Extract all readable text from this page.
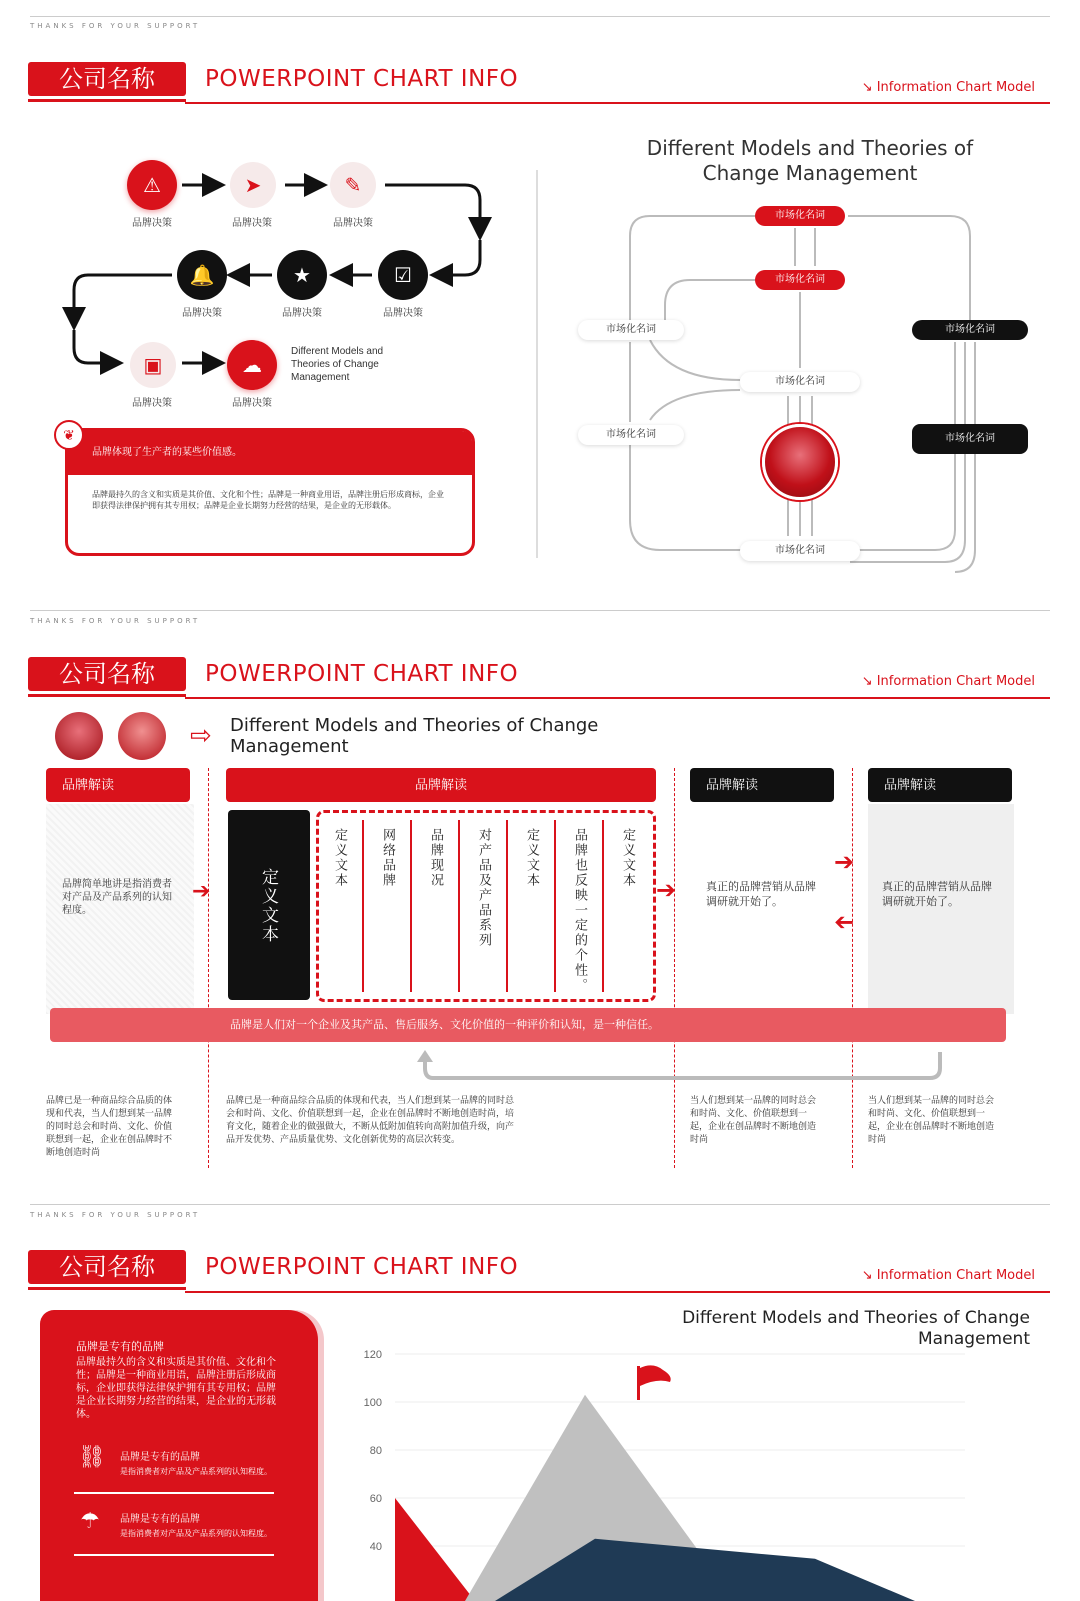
THANKS FOR YOUR SUPPORT
公司名称	POWERPOINT CHART INFO	↘ Information Chart Model
⚠
品牌决策
➤
品牌决策
✎
品牌决策
☑
品牌决策
★
品牌决策
🔔
品牌决策
▣
品牌决策
☁
品牌决策
Different Models and Theories of Change Management
品牌体现了生产者的某些价值感。
品牌最持久的含义和实质是其价值、文化和个性；品牌是一种商业用语，品牌注册后形成商标，企业即获得法律保护拥有其专用权；品牌是企业长期努力经营的结果，是企业的无形载体。
❦
Different Models and Theories of Change Management
市场化名词
市场化名词
市场化名词
市场化名词
市场化名词
市场化名词
市场化名词
市场化名词
THANKS FOR YOUR SUPPORT
公司名称	POWERPOINT CHART INFO	↘ Information Chart Model
⇨ Different Models and Theories of Change Management
品牌解读
品牌简单地讲是指消费者对产品及产品系列的认知程度。
➔
品牌解读
定义文本
定义文本	网络品牌	品牌现况	对产品及产品系列	定义文本	品牌也反映一定的个性。	定义文本
➔
品牌解读
真正的品牌营销从品牌调研就开始了。
➔
➔
品牌解读
真正的品牌营销从品牌调研就开始了。
品牌是人们对一个企业及其产品、售后服务、文化价值的一种评价和认知，是一种信任。
品牌已是一种商品综合品质的体现和代表，当人们想到某一品牌的同时总会和时尚、文化、价值联想到一起，企业在创品牌时不断地创造时尚
品牌已是一种商品综合品质的体现和代表，当人们想到某一品牌的同时总会和时尚、文化、价值联想到一起，企业在创品牌时不断地创造时尚，培育文化，随着企业的做强做大，不断从低附加值转向高附加值升级，向产品开发优势、产品质量优势、文化创新优势的高层次转变。
当人们想到某一品牌的同时总会和时尚、文化、价值联想到一起，企业在创品牌时不断地创造时尚
当人们想到某一品牌的同时总会和时尚、文化、价值联想到一起，企业在创品牌时不断地创造时尚
THANKS FOR YOUR SUPPORT
公司名称	POWERPOINT CHART INFO	↘ Information Chart Model
品牌是专有的品牌
品牌最持久的含义和实质是其价值、文化和个性；品牌是一种商业用语，品牌注册后形成商标，企业即获得法律保护拥有其专用权；品牌是企业长期努力经营的结果，是企业的无形载体。
⛓ 品牌是专有的品牌
是指消费者对产品及产品系列的认知程度。
☂ 品牌是专有的品牌
是指消费者对产品及产品系列的认知程度。
Different Models and Theories of Change Management
120
100
80
60
40
